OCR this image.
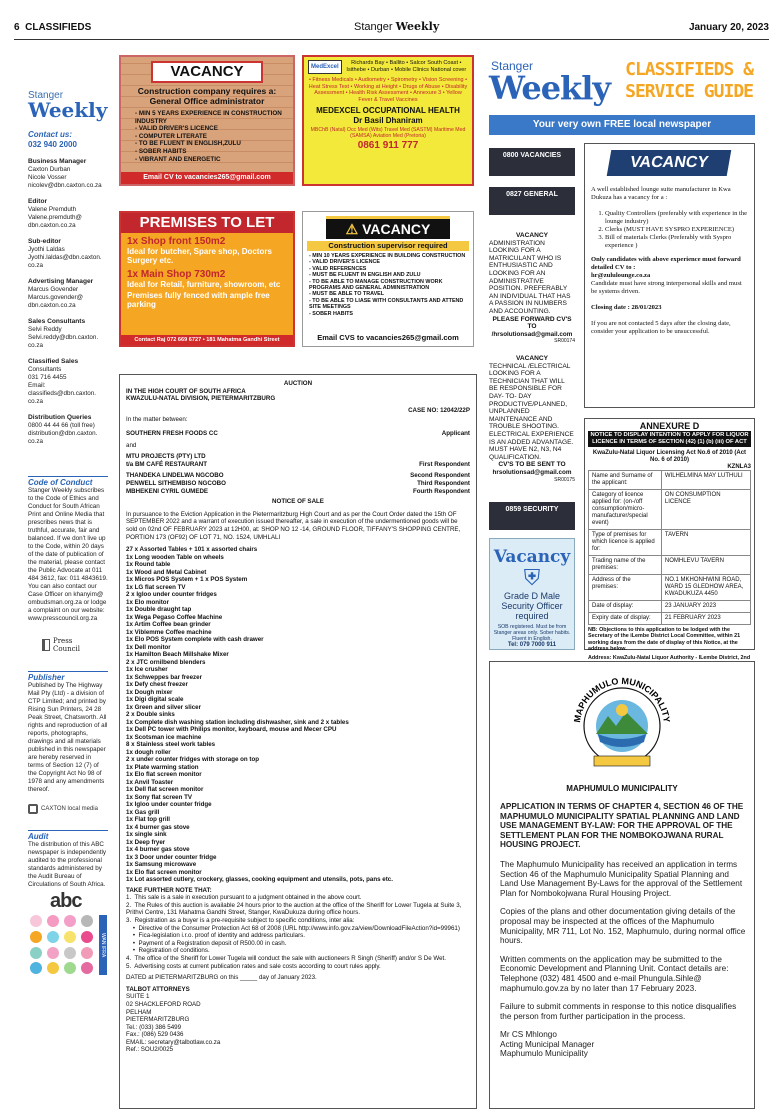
6 CLASSIFIEDS	Stanger Weekly	January 20, 2023
Stanger
Weekly
Contact us:
032 940 2000
Business Manager
Caxton Durban
Nicole Vosser
nicolev@dbn.caxton.co.za
Editor
Valene Premduth
Valene.premduth@
dbn.caxton.co.za
Sub-editor
Jyothi Laldas
Jyothi.laldas@dbn.caxton.
co.za
Advertising Manager
Marcus Govender
Marcus.govender@
dbn.caxton.co.za
Sales Consultants
Selvi Reddy
Selvi.reddy@dbn.caxton.
co.za
Classified Sales
Consultants
031 716 4455
Email:
classifieds@dbn.caxton.
co.za
Distribution Queries
0800 44 44 66 (toll free)
distribution@dbn.caxton.
co.za
Code of Conduct
Stanger Weekly subscribes to the Code of Ethics and Conduct for South African Print and Online Media that prescribes news that is truthful, accurate, fair and balanced. If we don't live up to the Code, within 20 days of the date of publication of the material, please contact the Public Advocate at 011 484 3612, fax: 011 4843619. You can also contact our Case Officer on khanyim@ ombudsman.org.za or lodge a complaint on our website: www.presscouncil.org.za
Press Council
Publisher
Published by The Highway Mail Pty (Ltd) - a division of CTP Limited; and printed by Rising Sun Printers, 24 28 Peak Street, Chatsworth. All rights and reproduction of all reports, photographs, drawings and all materials published in this newspaper are hereby reserved in terms of Section 12 (7) of the Copyright Act No 98 of 1978 and any amendments thereof.
CAXTON local media
Audit
The distribution of this ABC newspaper is independently audited to the professional standards administered by the Audit Bureau of Circulations of South Africa.
abc
WAN IFRA
VACANCY
Construction company requires a: General Office administrator
- MIN 5 YEARS EXPERIENCE IN CONSTRUCTION INDUSTRY
- VALID DRIVER'S LICENCE
- COMPUTER LITERATE
- TO BE FLUENT IN ENGLISH,ZULU
- SOBER HABITS
- VIBRANT AND ENERGETIC
Email CV to vacancies265@gmail.com
MedExcel
Richards Bay • Ballito • Salcor South Coast • Isithebe • Durban • Mobile Clinics National cover
• Fitness Medicals • Audiometry • Spirometry • Vision Screening • Heat Stress Test • Working at Height • Drugs of Abuse • Disability Assessment • Health Risk Assessment • Annexure 3 • Yellow Fever & Travel Vaccines
MEDEXCEL OCCUPATIONAL HEALTH
Dr Basil Dhaniram
MBChB (Natal) Occ Med (Wits) Travel Med (SASTM) Maritime Med (SAMSA) Aviation Med (Pretoria)
0861 911 777
PREMISES TO LET
1x Shop front 150m2
Ideal for butcher, Spare shop, Doctors Surgery etc.
1x Main Shop 730m2
Ideal for Retail, furniture, showroom, etc
Premises fully fenced with ample free parking
Contact Raj 072 669 6727 • 181 Mahatma Gandhi Street
⚠ VACANCY
Construction supervisor required
- MIN 10 YEARS EXPERIENCE IN BUILDING CONSTRUCTION
- VALID DRIVER'S LICENCE
- VALID REFERENCES
- MUST BE FLUENT IN ENGLISH AND ZULU
- TO BE ABLE TO MANAGE CONSTRUCTION WORK PROGRAMS AND GENERAL ADMINISTRATION
- MUST BE ABLE TO TRAVEL
- TO BE ABLE TO LIASE WITH CONSULTANTS AND ATTEND SITE MEETINGS
- SOBER HABITS
Email CVS to vacancies265@gmail.com
AUCTION
IN THE HIGH COURT OF SOUTH AFRICA
KWAZULU-NATAL DIVISION, PIETERMARITZBURG
CASE NO: 12042/22P
In the matter between:
SOUTHERN FRESH FOODS CC	Applicant
and
MTU PROJECTS (PTY) LTD
t/a BM CAFÉ RESTAURANT	First Respondent
THANDEKA LINDELWA NGCOBO	Second Respondent
PENWELL SITHEMBISO NGCOBO	Third Respondent
MBHEKENI CYRIL GUMEDE	Fourth Respondent
NOTICE OF SALE
In pursuance to the Eviction Application in the Pietermaritzburg High Court and as per the Court Order dated the 15th OF SEPTEMBER 2022 and a warrant of execution issued thereafter, a sale in execution of the undermentioned goods will be sold on 02nd OF FEBRUARY 2023 at 12H00, at: SHOP NO 12 -14, GROUND FLOOR, TIFFANY'S SHOPPING CENTRE, PORTION 173 (OF92) OF LOT 71, NO. 1524, UMHLALI
27 x Assorted Tables + 101 x assorted chairs
1x Long wooden Table on wheels
1x Round table
1x Wood and Metal Cabinet
1x Micros POS System + 1 x POS System
1x LG flat screen TV
2 x Igloo under counter fridges
1x Elo monitor
1x Double draught tap
1x Wega Pegaso Coffee Machine
1x Artim Coffee bean grinder
1x Viblemme Coffee machine
1x Elo POS System complete with cash drawer
1x Dell monitor
1x Hamilton Beach Millshake Mixer
2 x JTC ornilbend blenders
1x Ice crusher
1x Schweppes bar freezer
1x Defy chest freezer
1x Dough mixer
1x Digi digital scale
1x Green and silver slicer
2 x Double sinks
1x Complete dish washing station including dishwasher, sink and 2 x tables
1x Dell PC tower with Philips monitor, keyboard, mouse and Mecer CPU
1x Scotsman ice machine
8 x Stainless steel work tables
1x dough roller
2 x under counter fridges with storage on top
1x Plate warming station
1x Elo flat screen monitor
1x Anvil Toaster
1x Dell flat screen monitor
1x Sony flat screen TV
1x Igloo under counter fridge
1x Gas grill
1x Flat top grill
1x 4 burner gas stove
1x single sink
1x Deep fryer
1x 4 burner gas stove
1x 3 Door under counter fridge
1x Samsung microwave
1x Elo flat screen monitor
1x Lot assorted cutlery, crockery, glasses, cooking equipment and utensils, pots, pans etc.
TAKE FURTHER NOTE THAT:
1.  This sale is a sale in execution pursuant to a judgment obtained in the above court.
2.  The Rules of this auction is available 24 hours prior to the auction at the office of the Sheriff for Lower Tugela at Suite 3, Prithvi Centre, 131 Mahatma Gandhi Street, Stanger, KwaDukuza during office hours.
3.  Registration as a buyer is a pre-requisite subject to specific conditions, inter alia:
•  Directive of the Consumer Protection Act 68 of 2008 (URL http://www.info.gov.za/view/DownloadFileAction?id=99961)
•  Fica-legislation i.r.o. proof of identity and address particulars.
•  Payment of a Registration deposit of R500.00 in cash.
•  Registration of conditions.
4.  The office of the Sheriff for Lower Tugela will conduct the sale with auctioneers R Singh (Sheriff) and/or S De Wet.
5.  Advertising costs at current publication rates and sale costs according to court rules apply.
DATED at PIETERMARITZBURG on this _____ day of January 2023.
TALBOT ATTORNEYS
SUITE 1
02 SHACKLEFORD ROAD
PELHAM
PIETERMARITZBURG
Tel.: (033) 386 5499
Fax.: (086) 529 0436
EMAIL: secretary@talbotlaw.co.za
Ref.: SOU2/0025
Stanger
Weekly CLASSIFIEDS &
SERVICE GUIDE
Your very own FREE local newspaper
0800 VACANCIES
0827 GENERAL
VACANCY
ADMINISTRATION LOOKING FOR A MATRICULANT WHO IS ENTHUSIASTIC AND LOOKING FOR AN ADMINISTRATIVE POSITION. PREFERABLY AN INDIVIDUAL THAT HAS A PASSION IN NUMBERS AND ACCOUNTING.
PLEASE FORWARD CV'S TO
/hrsolutionsad@gmail.com
SR00174
VACANCY
TECHNICAL /ELECTRICAL LOOKING FOR A TECHNICIAN THAT WILL BE RESPONSIBLE FOR DAY- TO- DAY PRODUCTIVE/PLANNED, UNPLANNED MAINTENANCE AND TROUBLE SHOOTING. ELECTRICAL EXPERIENCE IS AN ADDED ADVANTAGE. MUST HAVE N2, N3, N4 QUALIFICATION.
CV'S TO BE SENT TO
hrsolutionsad@gmail.com
SR00175
0859 SECURITY
Vacancy
⛨
Grade D Male Security Officer required
SOB registered. Must be from Stanger areas only. Sober habits. Fluent in English.
Tel: 079 7000 911
VACANCY
A well established lounge suite manufacturer in Kwa Dukuza has a vacancy for a :
1. Quality Controllers (preferably with experience in the lounge industry)
2. Clerks (MUST HAVE SYSPRO EXPERIENCE)
3. Bill of materials Clerks (Preferably with Syspro experience )
Only candidates with above experience must forward detailed CV to :
hr@zululounge.co.za
Candidate must have strong interpersonal skills and must be systems driven.
Closing date : 28/01/2023
If you are not contacted 5 days after the closing date, consider your application to be unsuccessful.
ANNEXURE D
NOTICE TO DISPLAY INTENTION TO APPLY FOR LIQUOR LICENCE IN TERMS OF SECTION (42) (1) (b) (iii) OF ACT
KwaZulu-Natal Liquor Licensing Act No.6 of 2010 (Act No. 6 of 2010)
KZNLA3
Name and Surname of the applicant:	WILHELMINA MAY LUTHULI
Category of licence applied for: (on-/off consumption/micro-manufacturer/special event)	ON CONSUMPTION LICENCE
Type of premises for which licence is applied for:	TAVERN
Trading name of the premises:	NOMHLEVU TAVERN
Address of the premises:	NO.1 MKHONHWINI ROAD, WARD 15 GLEDHOW AREA, KWADUKUZA 4450
Date of display:	23 JANUARY 2023
Expiry date of display:	21 FEBRUARY 2023
NB: Objections to this application to be lodged with the Secretary of the iLembe District Local Committee, within 21 working days from the date of display of this Notice, at the address below.
Address: KwaZulu-Natal Liquor Authority - ILembe District, 2nd
MAPHUMULO MUNICIPALITY
MAPHUMULO MUNICIPALITY
APPLICATION IN TERMS OF CHAPTER 4, SECTION 46 OF THE MAPHUMULO MUNICIPALITY SPATIAL PLANNING AND LAND USE MANAGEMENT BY-LAW: FOR THE APPROVAL OF THE SETTLEMENT PLAN FOR THE NOMBOKOJWANA RURAL HOUSING PROJECT.
The Maphumulo Municipality has received an application in terms Section 46 of the Maphumulo Municipality Spatial Planning and Land Use Management By-Laws for the approval of the Settlement Plan for Nombokojwana Rural Housing Project.
Copies of the plans and other documentation giving details of the proposal may be inspected at the offices of the Maphumulo Municipality, MR 711, Lot No. 152, Maphumulo, during normal office hours.
Written comments on the application may be submitted to the Economic Development and Planning Unit. Contact details are: Telephone (032) 481 4500 and e-mail Phungula.Sihle@ maphumulo.gov.za by no later than 17 February 2023.
Failure to submit comments in response to this notice disqualifies the person from further participation in the process.
Mr CS Mhlongo
Acting Municipal Manager
Maphumulo Municipality
